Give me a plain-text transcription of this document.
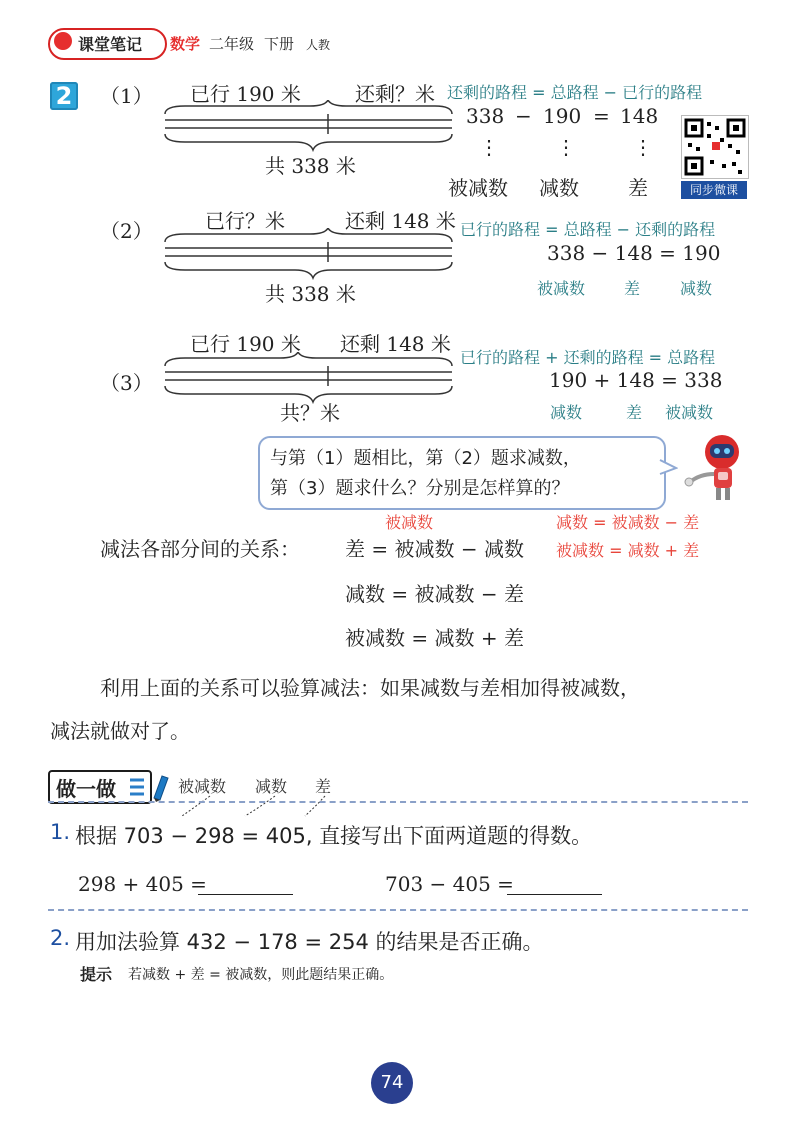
课堂笔记 数学 二年级 下册 人教
2 （1） 已行 190 米	还剩？米
共 338 米
还剩的路程 = 总路程 − 已行的路程
338 − 190 = 148
⋮	⋮	⋮
被减数 减数 差	同步微课
（2）	已行？米	还剩 148 米
共 338 米
已行的路程 = 总路程 − 还剩的路程
338 − 148 = 190
被减数 差 减数
（3）
已行 190 米 还剩 148 米
共？米
已行的路程 + 还剩的路程 = 总路程
190 + 148 = 338
减数	差 被减数
与第（1）题相比，第（2）题求减数，
第（3）题求什么？分别是怎样算的？
被减数	减数 = 被减数 − 差
被减数 = 减数 + 差
减法各部分间的关系： 差 = 被减数 − 减数
减数 = 被减数 − 差
被减数 = 减数 + 差
利用上面的关系可以验算减法：如果减数与差相加得被减数，
减法就做对了。
做一做	被减数 减数 差
1. 根据 703 − 298 = 405, 直接写出下面两道题的得数。
298 + 405 =	703 − 405 =
2. 用加法验算 432 − 178 = 254 的结果是否正确。
提示 若减数 + 差 = 被减数，则此题结果正确。
74
